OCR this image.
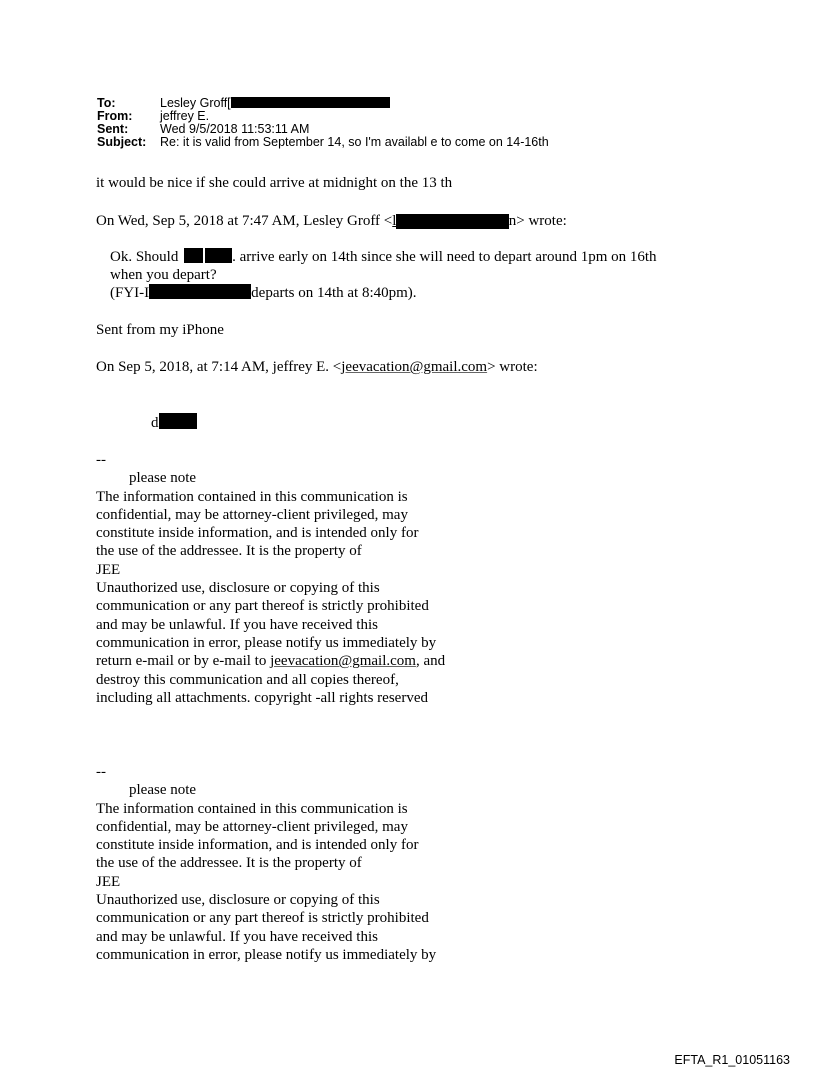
To:	Lesley Groff[
From: jeffrey E.
Sent:	Wed 9/5/2018 11:53:11 AM
Subject: Re: it is valid from September 14, so I'm availabl e to come on 14-16th
it would be nice if she could arrive at midnight on the 13 th
On Wed, Sep 5, 2018 at 7:47 AM, Lesley Groff <l	n > wrote:
Ok. Should	. arrive early on 14th since she will need to depart around 1pm on 16th
when you depart?
(FYI-I	departs on 14th at 8:40pm).
Sent from my iPhone
On Sep 5, 2018, at 7:14 AM, jeffrey E. <jeevacation@gmail.com> wrote:
d
--
please note
The information contained in this communication is
confidential, may be attorney-client privileged, may
constitute inside information, and is intended only for
the use of the addressee. It is the property of
JEE
Unauthorized use, disclosure or copying of this
communication or any part thereof is strictly prohibited
and may be unlawful. If you have received this
communication in error, please notify us immediately by
return e-mail or by e-mail to jeevacation@gmail.com, and
destroy this communication and all copies thereof,
including all attachments. copyright -all rights reserved
--
please note
The information contained in this communication is
confidential, may be attorney-client privileged, may
constitute inside information, and is intended only for
the use of the addressee. It is the property of
JEE
Unauthorized use, disclosure or copying of this
communication or any part thereof is strictly prohibited
and may be unlawful. If you have received this
communication in error, please notify us immediately by
EFTA_R1_01051163
